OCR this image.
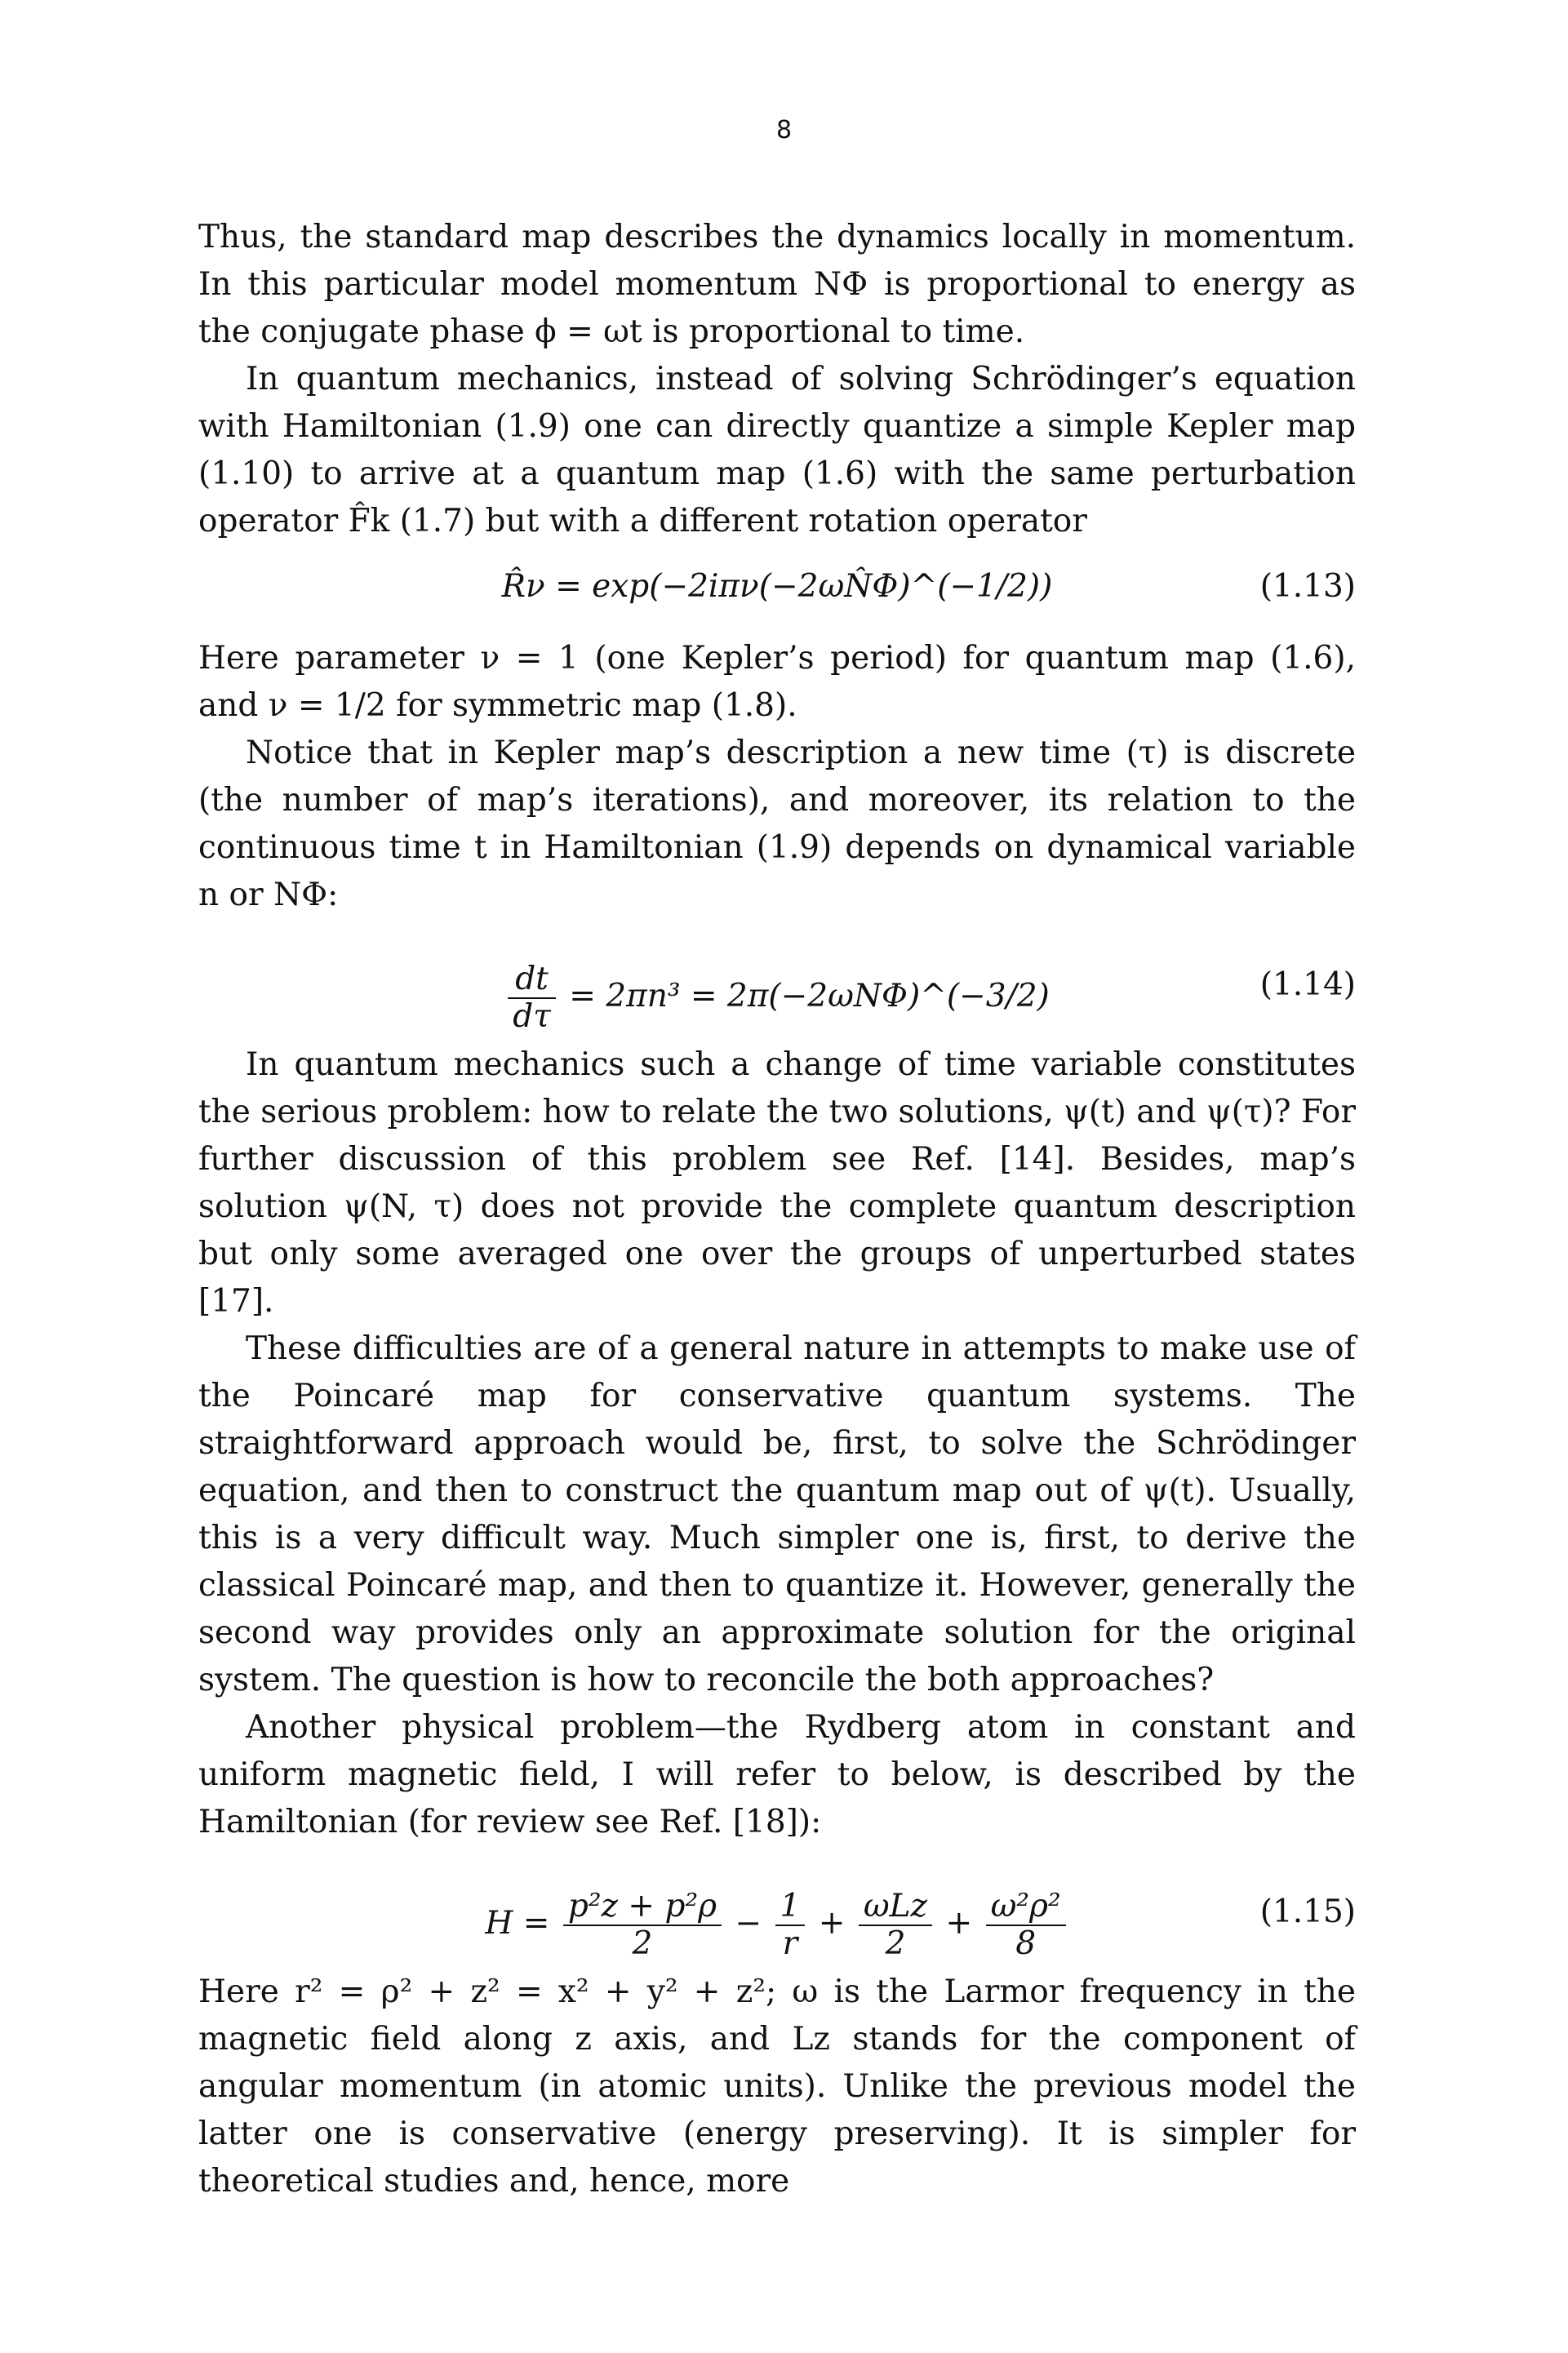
8

Thus, the standard map describes the dynamics locally in momentum. In this particular model momentum NΦ is proportional to energy as the conjugate phase ϕ = ωt is proportional to time.

In quantum mechanics, instead of solving Schrödinger’s equation with Hamiltonian (1.9) one can directly quantize a simple Kepler map (1.10) to arrive at a quantum map (1.6) with the same perturbation operator F̂k (1.7) but with a different rotation operator

R̂ν = exp(−2iπν(−2ωN̂Φ)^(−1/2))	(1.13)

Here parameter ν = 1 (one Kepler’s period) for quantum map (1.6), and ν = 1/2 for symmetric map (1.8).

Notice that in Kepler map’s description a new time (τ) is discrete (the number of map’s iterations), and moreover, its relation to the continuous time t in Hamiltonian (1.9) depends on dynamical variable n or NΦ:

$\frac{dt}{d\tau} = 2\pi n^3$ = 2π(−2ωNΦ)^(−3/2)	(1.14)

In quantum mechanics such a change of time variable constitutes the serious problem: how to relate the two solutions, ψ(t) and ψ(τ)? For further discussion of this problem see Ref. [14]. Besides, map’s solution ψ(N, τ) does not provide the complete quantum description but only some averaged one over the groups of unperturbed states [17].

These difficulties are of a general nature in attempts to make use of the Poincaré map for conservative quantum systems. The straightforward approach would be, first, to solve the Schrödinger equation, and then to construct the quantum map out of ψ(t). Usually, this is a very difficult way. Much simpler one is, first, to derive the classical Poincaré map, and then to quantize it. However, generally the second way provides only an approximate solution for the original system. The question is how to reconcile the both approaches?

Another physical problem—the Rydberg atom in constant and uniform magnetic field, I will refer to below, is described by the Hamiltonian (for review see Ref. [18]):

$H = \frac{\text{p²z + p²ρ}}{2} - \frac{1}{r} + \frac{\text{ωLz}}{2} + \frac{\text{ω²ρ²}}{8}$	(1.15)

Here r² = ρ² + z² = x² + y² + z²; ω is the Larmor frequency in the magnetic field along z axis, and Lz stands for the component of angular momentum (in atomic units). Unlike the previous model the latter one is conservative (energy preserving). It is simpler for theoretical studies and, hence, more
